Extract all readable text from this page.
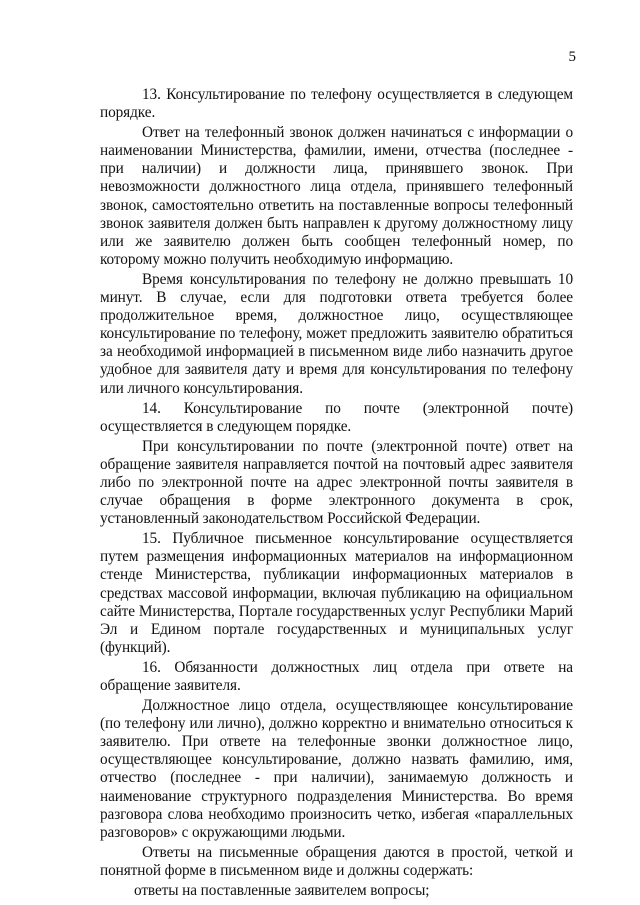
5

13. Консультирование по телефону осуществляется в следующем порядке.

Ответ на телефонный звонок должен начинаться с информации о наименовании Министерства, фамилии, имени, отчества (последнее - при наличии) и должности лица, принявшего звонок. При невозможности должностного лица отдела, принявшего телефонный звонок, самостоятельно ответить на поставленные вопросы телефонный звонок заявителя должен быть направлен к другому должностному лицу или же заявителю должен быть сообщен телефонный номер, по которому можно получить необходимую информацию.

Время консультирования по телефону не должно превышать 10 минут. В случае, если для подготовки ответа требуется более продолжительное время, должностное лицо, осуществляющее консультирование по телефону, может предложить заявителю обратиться за необходимой информацией в письменном виде либо назначить другое удобное для заявителя дату и время для консультирования по телефону или личного консультирования.

14. Консультирование по почте (электронной почте) осуществляется в следующем порядке.

При консультировании по почте (электронной почте) ответ на обращение заявителя направляется почтой на почтовый адрес заявителя либо по электронной почте на адрес электронной почты заявителя в случае обращения в форме электронного документа в срок, установленный законодательством Российской Федерации.

15. Публичное письменное консультирование осуществляется путем размещения информационных материалов на информационном стенде Министерства, публикации информационных материалов в средствах массовой информации, включая публикацию на официальном сайте Министерства, Портале государственных услуг Республики Марий Эл и Едином портале государственных и муниципальных услуг (функций).

16. Обязанности должностных лиц отдела при ответе на обращение заявителя.

Должностное лицо отдела, осуществляющее консультирование (по телефону или лично), должно корректно и внимательно относиться к заявителю. При ответе на телефонные звонки должностное лицо, осуществляющее консультирование, должно назвать фамилию, имя, отчество (последнее - при наличии), занимаемую должность и наименование структурного подразделения Министерства. Во время разговора слова необходимо произносить четко, избегая «параллельных разговоров» с окружающими людьми.

Ответы на письменные обращения даются в простой, четкой и понятной форме в письменном виде и должны содержать:

ответы на поставленные заявителем вопросы;
